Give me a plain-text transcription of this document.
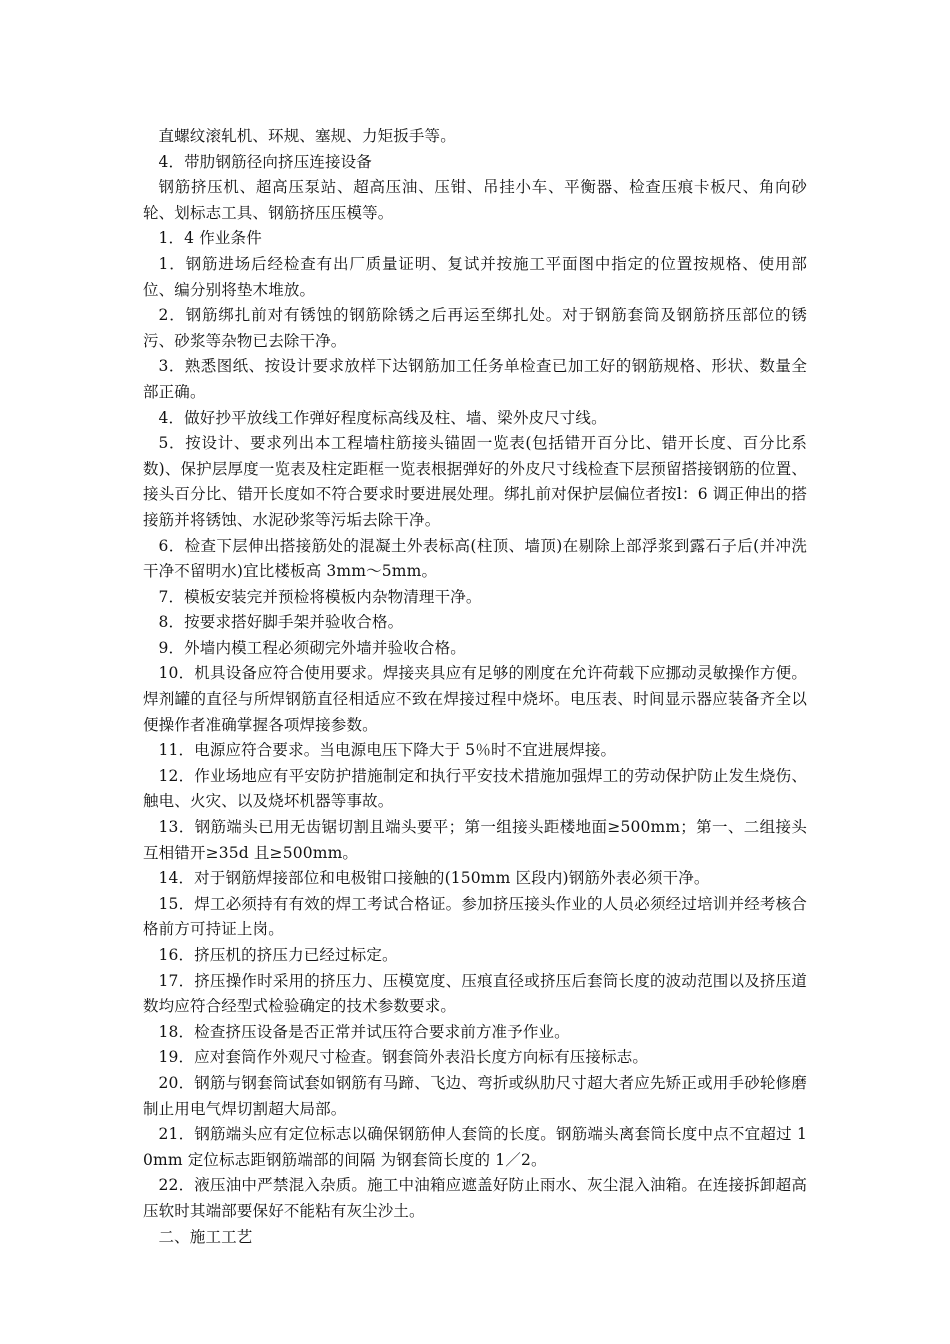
直螺纹滚轧机、环规、塞规、力矩扳手等。

4．带肋钢筋径向挤压连接设备

钢筋挤压机、超高压泵站、超高压油、压钳、吊挂小车、平衡器、检查压痕卡板尺、角向砂轮、划标志工具、钢筋挤压压模等。

1．4 作业条件

1．钢筋进场后经检查有出厂质量证明、复试并按施工平面图中指定的位置按规格、使用部位、编分别将垫木堆放。

2．钢筋绑扎前对有锈蚀的钢筋除锈之后再运至绑扎处。对于钢筋套筒及钢筋挤压部位的锈污、砂浆等杂物已去除干净。

3．熟悉图纸、按设计要求放样下达钢筋加工任务单检查已加工好的钢筋规格、形状、数量全部正确。

4．做好抄平放线工作弹好程度标高线及柱、墙、梁外皮尺寸线。

5．按设计、要求列出本工程墙柱筋接头锚固一览表(包括错开百分比、错开长度、百分比系数)、保护层厚度一览表及柱定距框一览表根据弹好的外皮尺寸线检查下层预留搭接钢筋的位置、接头百分比、错开长度如不符合要求时要进展处理。绑扎前对保护层偏位者按l：6 调正伸出的搭接筋并将锈蚀、水泥砂浆等污垢去除干净。

6．检查下层伸出搭接筋处的混凝土外表标高(柱顶、墙顶)在剔除上部浮浆到露石子后(并冲洗干净不留明水)宜比楼板高 3mm～5mm。

7．模板安装完并预检将模板内杂物清理干净。

8．按要求搭好脚手架并验收合格。

9．外墙内模工程必须砌完外墙并验收合格。

10．机具设备应符合使用要求。焊接夹具应有足够的刚度在允许荷载下应挪动灵敏操作方便。焊剂罐的直径与所焊钢筋直径相适应不致在焊接过程中烧坏。电压表、时间显示器应装备齐全以便操作者准确掌握各项焊接参数。

11．电源应符合要求。当电源电压下降大于 5％时不宜进展焊接。

12．作业场地应有平安防护措施制定和执行平安技术措施加强焊工的劳动保护防止发生烧伤、触电、火灾、以及烧坏机器等事故。

13．钢筋端头已用无齿锯切割且端头要平；第一组接头距楼地面≥500mm；第一、二组接头互相错开≥35d 且≥500mm。

14．对于钢筋焊接部位和电极钳口接触的(150mm 区段内)钢筋外表必须干净。

15．焊工必须持有有效的焊工考试合格证。参加挤压接头作业的人员必须经过培训并经考核合格前方可持证上岗。

16．挤压机的挤压力已经过标定。

17．挤压操作时采用的挤压力、压模宽度、压痕直径或挤压后套筒长度的波动范围以及挤压道数均应符合经型式检验确定的技术参数要求。

18．检查挤压设备是否正常并试压符合要求前方准予作业。

19．应对套筒作外观尺寸检查。钢套筒外表沿长度方向标有压接标志。

20．钢筋与钢套筒试套如钢筋有马蹄、飞边、弯折或纵肋尺寸超大者应先矫正或用手砂轮修磨制止用电气焊切割超大局部。

21．钢筋端头应有定位标志以确保钢筋伸人套筒的长度。钢筋端头离套筒长度中点不宜超过 10mm 定位标志距钢筋端部的间隔 为钢套筒长度的 1／2。

22．液压油中严禁混入杂质。施工中油箱应遮盖好防止雨水、灰尘混入油箱。在连接拆卸超高压软时其端部要保好不能粘有灰尘沙土。

二、施工工艺
